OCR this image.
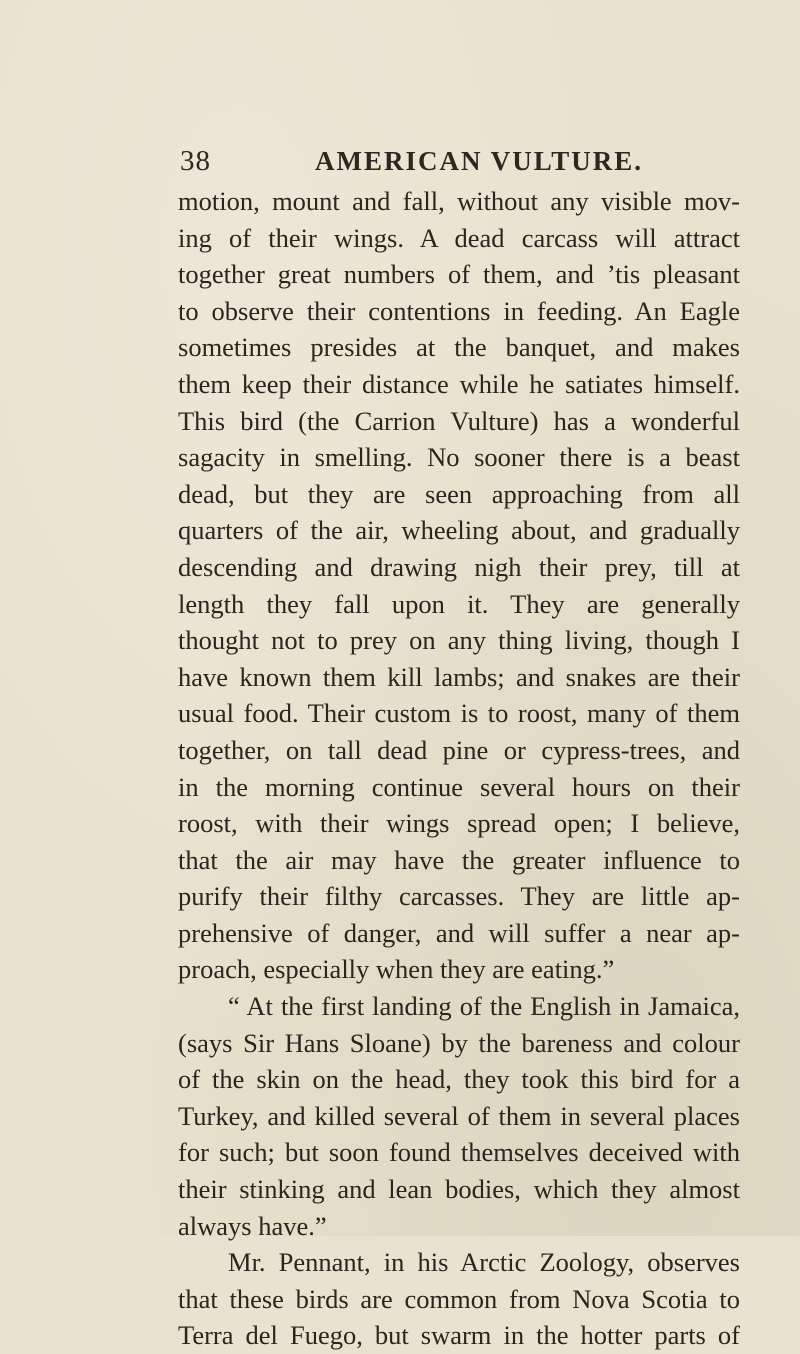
38	AMERICAN VULTURE.
motion, mount and fall, without any visible mov-
ing of their wings. A dead carcass will attract
together great numbers of them, and ’tis pleasant
to observe their contentions in feeding. An Eagle
sometimes presides at the banquet, and makes
them keep their distance while he satiates himself.
This bird (the Carrion Vulture) has a wonderful
sagacity in smelling. No sooner there is a beast
dead, but they are seen approaching from all
quarters of the air, wheeling about, and gradually
descending and drawing nigh their prey, till at
length they fall upon it. They are generally
thought not to prey on any thing living, though I
have known them kill lambs; and snakes are their
usual food. Their custom is to roost, many of them
together, on tall dead pine or cypress-trees, and
in the morning continue several hours on their
roost, with their wings spread open; I believe,
that the air may have the greater influence to
purify their filthy carcasses. They are little ap-
prehensive of danger, and will suffer a near ap-
proach, especially when they are eating.”
“ At the first landing of the English in Jamaica,
(says Sir Hans Sloane) by the bareness and colour
of the skin on the head, they took this bird for a
Turkey, and killed several of them in several places
for such; but soon found themselves deceived with
their stinking and lean bodies, which they almost
always have.”
Mr. Pennant, in his Arctic Zoology, observes
that these birds are common from Nova Scotia to
Terra del Fuego, but swarm in the hotter parts of
